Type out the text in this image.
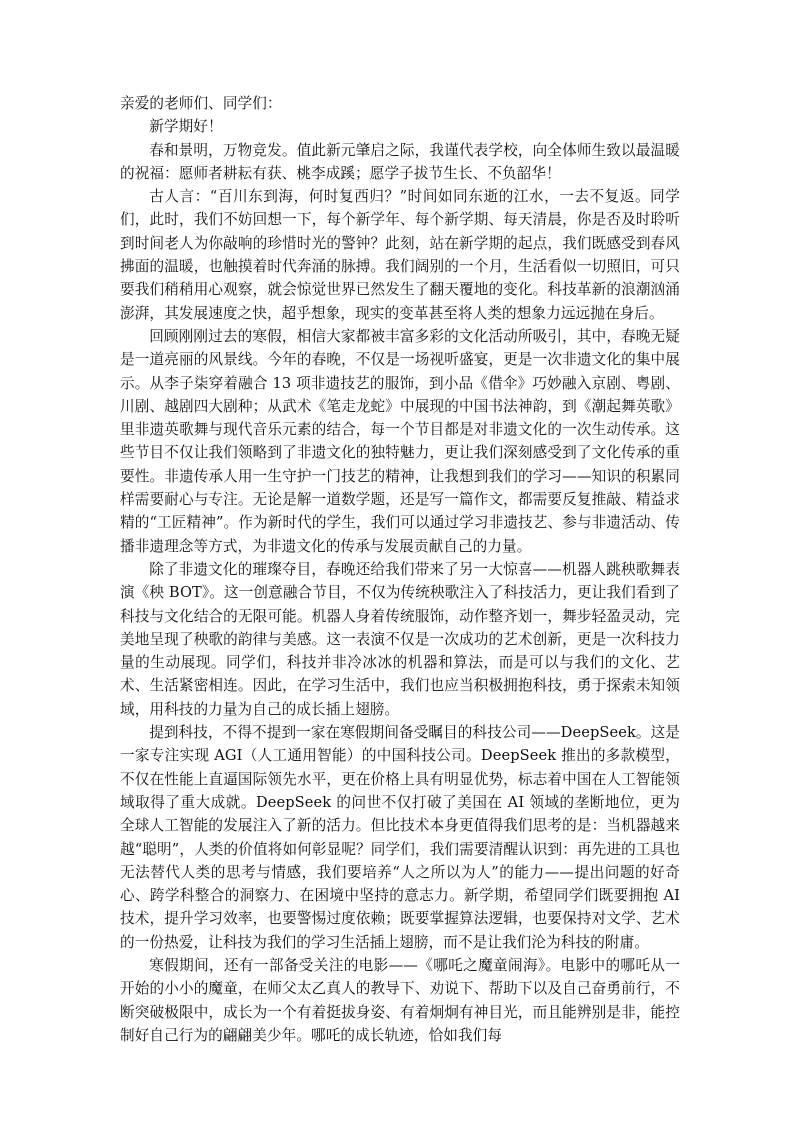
亲爱的老师们、同学们：

新学期好！

春和景明，万物竞发。值此新元肇启之际，我谨代表学校，向全体师生致以最温暖的祝福：愿师者耕耘有获、桃李成蹊；愿学子拔节生长、不负韶华！

古人言：“百川东到海，何时复西归？”时间如同东逝的江水，一去不复返。同学们，此时，我们不妨回想一下，每个新学年、每个新学期、每天清晨，你是否及时聆听到时间老人为你敲响的珍惜时光的警钟？此刻，站在新学期的起点，我们既感受到春风拂面的温暖，也触摸着时代奔涌的脉搏。我们阔别的一个月，生活看似一切照旧，可只要我们稍稍用心观察，就会惊觉世界已然发生了翻天覆地的变化。科技革新的浪潮汹涌澎湃，其发展速度之快，超乎想象，现实的变革甚至将人类的想象力远远抛在身后。

回顾刚刚过去的寒假，相信大家都被丰富多彩的文化活动所吸引，其中，春晚无疑是一道亮丽的风景线。今年的春晚，不仅是一场视听盛宴，更是一次非遗文化的集中展示。从李子柒穿着融合 13 项非遗技艺的服饰，到小品《借伞》巧妙融入京剧、粤剧、川剧、越剧四大剧种；从武术《笔走龙蛇》中展现的中国书法神韵，到《潮起舞英歌》里非遗英歌舞与现代音乐元素的结合，每一个节目都是对非遗文化的一次生动传承。这些节目不仅让我们领略到了非遗文化的独特魅力，更让我们深刻感受到了文化传承的重要性。非遗传承人用一生守护一门技艺的精神，让我想到我们的学习——知识的积累同样需要耐心与专注。无论是解一道数学题，还是写一篇作文，都需要反复推敲、精益求精的“工匠精神”。作为新时代的学生，我们可以通过学习非遗技艺、参与非遗活动、传播非遗理念等方式，为非遗文化的传承与发展贡献自己的力量。

除了非遗文化的璀璨夺目，春晚还给我们带来了另一大惊喜——机器人跳秧歌舞表演《秧 BOT》。这一创意融合节目，不仅为传统秧歌注入了科技活力，更让我们看到了科技与文化结合的无限可能。机器人身着传统服饰，动作整齐划一，舞步轻盈灵动，完美地呈现了秧歌的韵律与美感。这一表演不仅是一次成功的艺术创新，更是一次科技力量的生动展现。同学们，科技并非冷冰冰的机器和算法，而是可以与我们的文化、艺术、生活紧密相连。因此，在学习生活中，我们也应当积极拥抱科技，勇于探索未知领域，用科技的力量为自己的成长插上翅膀。

提到科技，不得不提到一家在寒假期间备受瞩目的科技公司——DeepSeek。这是一家专注实现 AGI（人工通用智能）的中国科技公司。DeepSeek 推出的多款模型，不仅在性能上直逼国际领先水平，更在价格上具有明显优势，标志着中国在人工智能领域取得了重大成就。DeepSeek 的问世不仅打破了美国在 AI 领域的垄断地位，更为全球人工智能的发展注入了新的活力。但比技术本身更值得我们思考的是：当机器越来越“聪明”，人类的价值将如何彰显呢？同学们，我们需要清醒认识到：再先进的工具也无法替代人类的思考与情感，我们要培养“人之所以为人”的能力——提出问题的好奇心、跨学科整合的洞察力、在困境中坚持的意志力。新学期，希望同学们既要拥抱 AI 技术，提升学习效率，也要警惕过度依赖；既要掌握算法逻辑，也要保持对文学、艺术的一份热爱，让科技为我们的学习生活插上翅膀，而不是让我们沦为科技的附庸。

寒假期间，还有一部备受关注的电影——《哪吒之魔童闹海》。电影中的哪吒从一开始的小小的魔童，在师父太乙真人的教导下、劝说下、帮助下以及自己奋勇前行，不断突破极限中，成长为一个有着挺拔身姿、有着炯炯有神目光，而且能辨别是非，能控制好自己行为的翩翩美少年。哪吒的成长轨迹，恰如我们每
